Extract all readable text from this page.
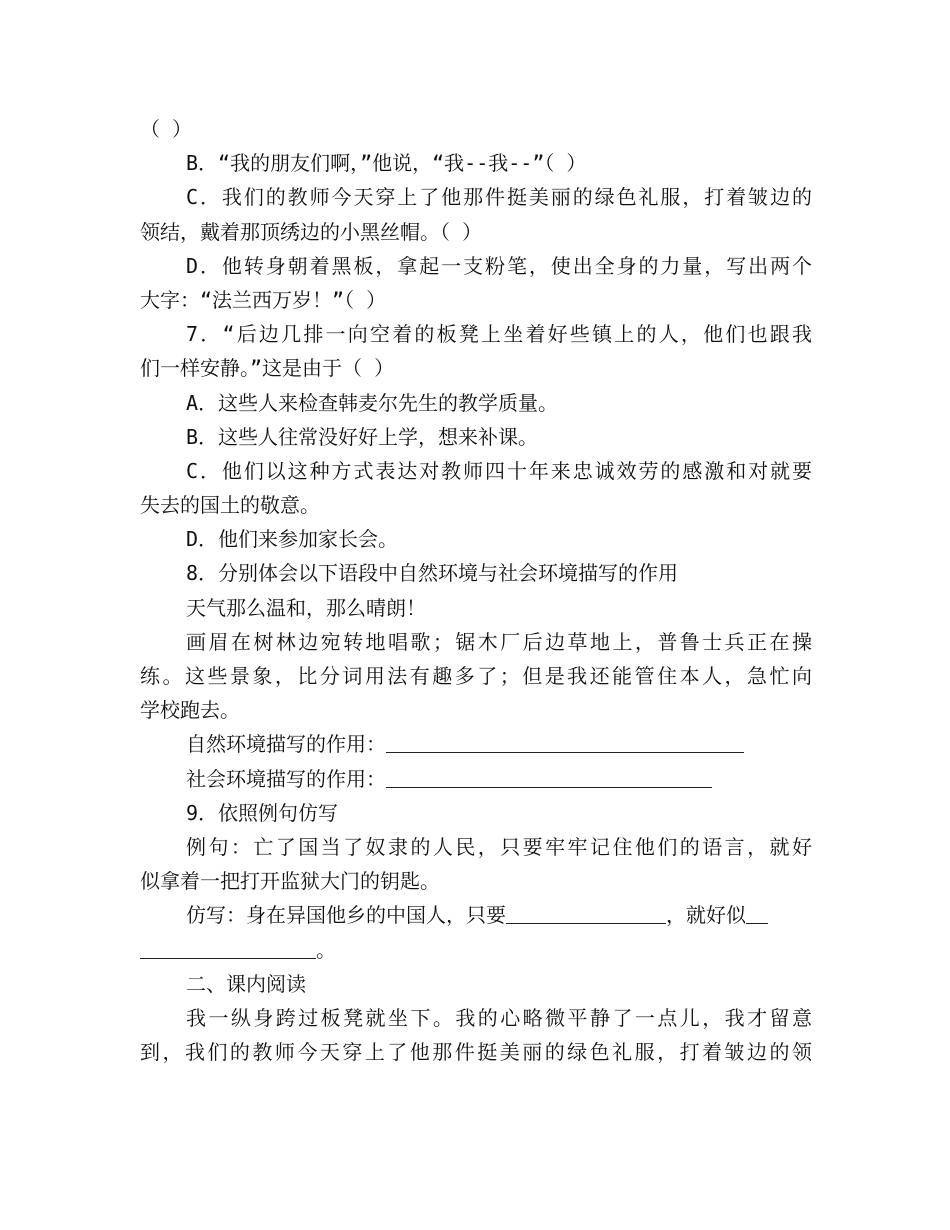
（ ）
B．“我的朋友们啊，”他说，“我--我--”（ ）
C．我们的教师今天穿上了他那件挺美丽的绿色礼服，打着皱边的
领结，戴着那顶绣边的小黑丝帽。（ ）
D．他转身朝着黑板，拿起一支粉笔，使出全身的力量，写出两个
大字：“法兰西万岁！”（ ）
7．“后边几排一向空着的板凳上坐着好些镇上的人，他们也跟我
们一样安静。”这是由于（ ）
A．这些人来检查韩麦尔先生的教学质量。
B．这些人往常没好好上学，想来补课。
C．他们以这种方式表达对教师四十年来忠诚效劳的感激和对就要
失去的国土的敬意。
D．他们来参加家长会。
8．分别体会以下语段中自然环境与社会环境描写的作用
天气那么温和，那么晴朗！
画眉在树林边宛转地唱歌；锯木厂后边草地上，普鲁士兵正在操
练。这些景象，比分词用法有趣多了；但是我还能管住本人，急忙向
学校跑去。
自然环境描写的作用：
社会环境描写的作用：
9．依照例句仿写
例句：亡了国当了奴隶的人民，只要牢牢记住他们的语言，就好
似拿着一把打开监狱大门的钥匙。
仿写：身在异国他乡的中国人，只要	，就好似
。
二、课内阅读
我一纵身跨过板凳就坐下。我的心略微平静了一点儿，我才留意
到，我们的教师今天穿上了他那件挺美丽的绿色礼服，打着皱边的领
